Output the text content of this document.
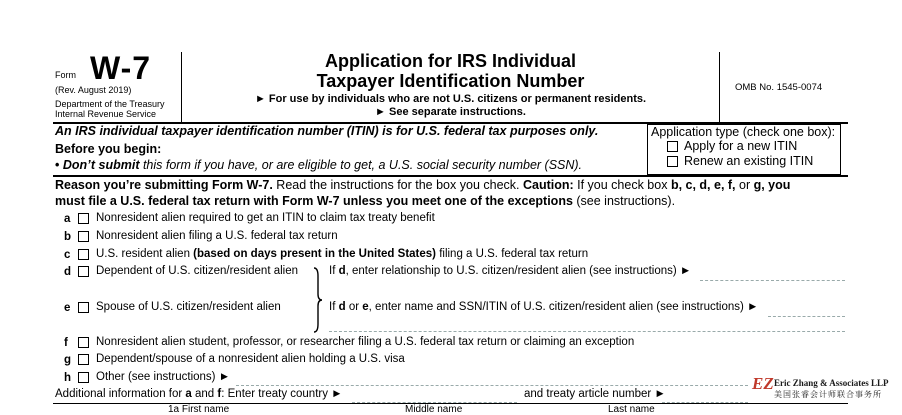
Form W-7
(Rev. August 2019)
Department of the Treasury
Internal Revenue Service
Application for IRS Individual
Taxpayer Identification Number
► For use by individuals who are not U.S. citizens or permanent residents.
► See separate instructions.
OMB No. 1545-0074
An IRS individual taxpayer identification number (ITIN) is for U.S. federal tax purposes only.
Before you begin:
• Don’t submit this form if you have, or are eligible to get, a U.S. social security number (SSN).
Application type (check one box):
Apply for a new ITIN
Renew an existing ITIN
Reason you’re submitting Form W-7. Read the instructions for the box you check. Caution: If you check box b, c, d, e, f, or g, you
must file a U.S. federal tax return with Form W-7 unless you meet one of the exceptions (see instructions).
a Nonresident alien required to get an ITIN to claim tax treaty benefit
b Nonresident alien filing a U.S. federal tax return
c U.S. resident alien (based on days present in the United States) filing a U.S. federal tax return
d Dependent of U.S. citizen/resident alien	If d, enter relationship to U.S. citizen/resident alien (see instructions) ►
e Spouse of U.S. citizen/resident alien	If d or e, enter name and SSN/ITIN of U.S. citizen/resident alien (see instructions) ►
f Nonresident alien student, professor, or researcher filing a U.S. federal tax return or claiming an exception
g Dependent/spouse of a nonresident alien holding a U.S. visa
h Other (see instructions) ►
Additional information for a and f: Enter treaty country ►	and treaty article number ►
1a First name	Middle name	Last name
EZ Eric Zhang & Associates LLP
美国张睿会计师联合事务所
